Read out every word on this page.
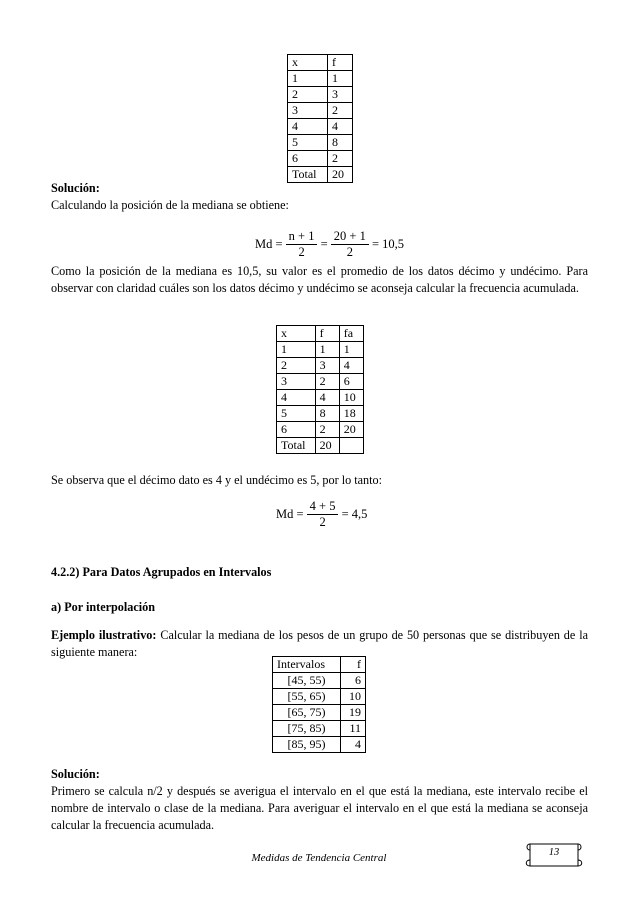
x	f
1	1
2	3
3	2
4	4
5	8
6	2
Total	20
Solución:
Calculando la posición de la mediana se obtiene:
$Md = \frac{n + 1}{2} = \frac{20 + 1}{2} = 10,5$
Como la posición de la mediana es 10,5, su valor es el promedio de los datos décimo y undécimo. Para observar con claridad cuáles son los datos décimo y undécimo se aconseja calcular la frecuencia acumulada.
x	f	fa
1	1	1
2	3	4
3	2	6
4	4	10
5	8	18
6	2	20
Total	20	
Se observa que el décimo dato es 4 y el undécimo es 5, por lo tanto:
$Md = \frac{4 + 5}{2} = 4,5$
4.2.2) Para Datos Agrupados en Intervalos
a) Por interpolación
Ejemplo ilustrativo: Calcular la mediana de los pesos de un grupo de 50 personas que se distribuyen de la siguiente manera:
Intervalos	f
[45, 55)	6
[55, 65)	10
[65, 75)	19
[75, 85)	11
[85, 95)	4
Solución:
Primero se calcula n/2 y después se averigua el intervalo en el que está la mediana, este intervalo recibe el nombre de intervalo o clase de la mediana. Para averiguar el intervalo en el que está la mediana se aconseja calcular la frecuencia acumulada.
Medidas de Tendencia Central	13
